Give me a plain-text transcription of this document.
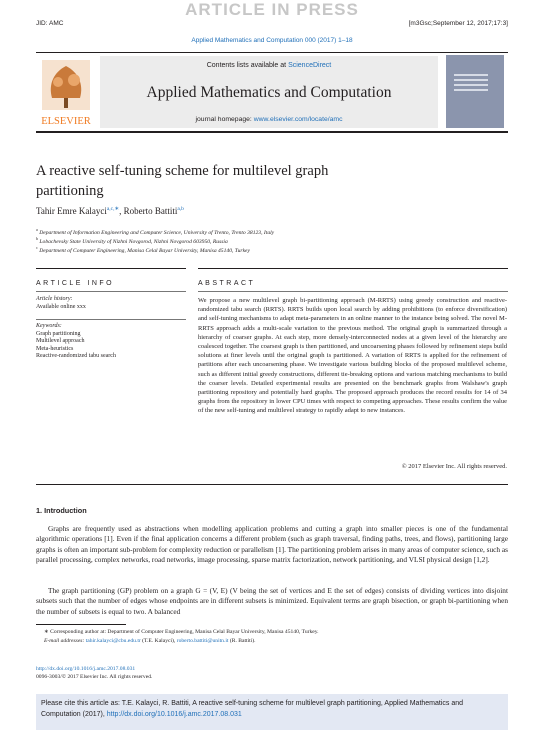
ARTICLE IN PRESS
JID: AMC	[m3Gsc;September 12, 2017;17:3]
Applied Mathematics and Computation 000 (2017) 1–18
ELSEVIER
Contents lists available at ScienceDirect
Applied Mathematics and Computation
journal homepage: www.elsevier.com/locate/amc
A reactive self-tuning scheme for multilevel graph partitioning
Tahir Emre Kalayci$^{a,c,∗}$, Roberto Battiti$^{a,b}$
$^a$ Department of Information Engineering and Computer Science, University of Trento, Trento 38123, Italy
$^b$ Lobachevsky State University of Nizhni Novgorod, Nizhni Novgorod 603950, Russia
$^c$ Department of Computer Engineering, Manisa Celal Bayar University, Manisa 45140, Turkey
ARTICLE INFO
Article history:
Available online xxx
Keywords:
Graph partitioning
Multilevel approach
Meta-heuristics
Reactive-randomized tabu search
ABSTRACT
We propose a new multilevel graph bi-partitioning approach (M-RRTS) using greedy construction and reactive-randomized tabu search (RRTS). RRTS builds upon local search by adding prohibitions (to enforce diversification) and self-tuning mechanisms to adapt meta-parameters in an online manner to the instance being solved. The novel M-RRTS approach adds a multi-scale variation to the previous method. The original graph is summarized through a hierarchy of coarser graphs. At each step, more densely-interconnected nodes at a given level of the hierarchy are coalesced together. The coarsest graph is then partitioned, and uncoarsening phases followed by refinement steps build solutions at finer levels until the original graph is partitioned. A variation of RRTS is applied for the refinement of partitions after each uncoarsening phase. We investigate various building blocks of the proposed multilevel scheme, such as different initial greedy constructions, different tie-breaking options and various matching mechanisms to build the coarser levels. Detailed experimental results are presented on the benchmark graphs from Walshaw's graph partitioning repository and potentially hard graphs. The proposed approach produces the record results for 14 of 34 graphs from the repository in lower CPU times with respect to competing approaches. These results confirm the value of the new self-tuning and multilevel strategy to rapidly adapt to new instances.
© 2017 Elsevier Inc. All rights reserved.
1. Introduction
Graphs are frequently used as abstractions when modelling application problems and cutting a graph into smaller pieces is one of the fundamental algorithmic operations [1]. Even if the final application concerns a different problem (such as graph traversal, finding paths, trees, and flows), partitioning large graphs is often an important sub-problem for complexity reduction or parallelism [1]. The partitioning problem arises in many areas of computer science, such as parallel processing, complex networks, road networks, image processing, sparse matrix factorization, network partitioning, and VLSI physical design [1,2].
The graph partitioning (GP) problem on a graph G = (V, E) (V being the set of vertices and E the set of edges) consists of dividing vertices into disjoint subsets such that the number of edges whose endpoints are in different subsets is minimized. Equivalent terms are graph bisection, or graph bi-partitioning when the number of subsets is equal to two. A balanced
∗ Corresponding author at: Department of Computer Engineering, Manisa Celal Bayar University, Manisa 45140, Turkey.
E-mail addresses: tahir.kalayci@cbu.edu.tr (T.E. Kalayci), roberto.battiti@unitn.it (R. Battiti).
http://dx.doi.org/10.1016/j.amc.2017.08.031
0096-3003/© 2017 Elsevier Inc. All rights reserved.
Please cite this article as: T.E. Kalayci, R. Battiti, A reactive self-tuning scheme for multilevel graph partitioning, Applied Mathematics and Computation (2017), http://dx.doi.org/10.1016/j.amc.2017.08.031
